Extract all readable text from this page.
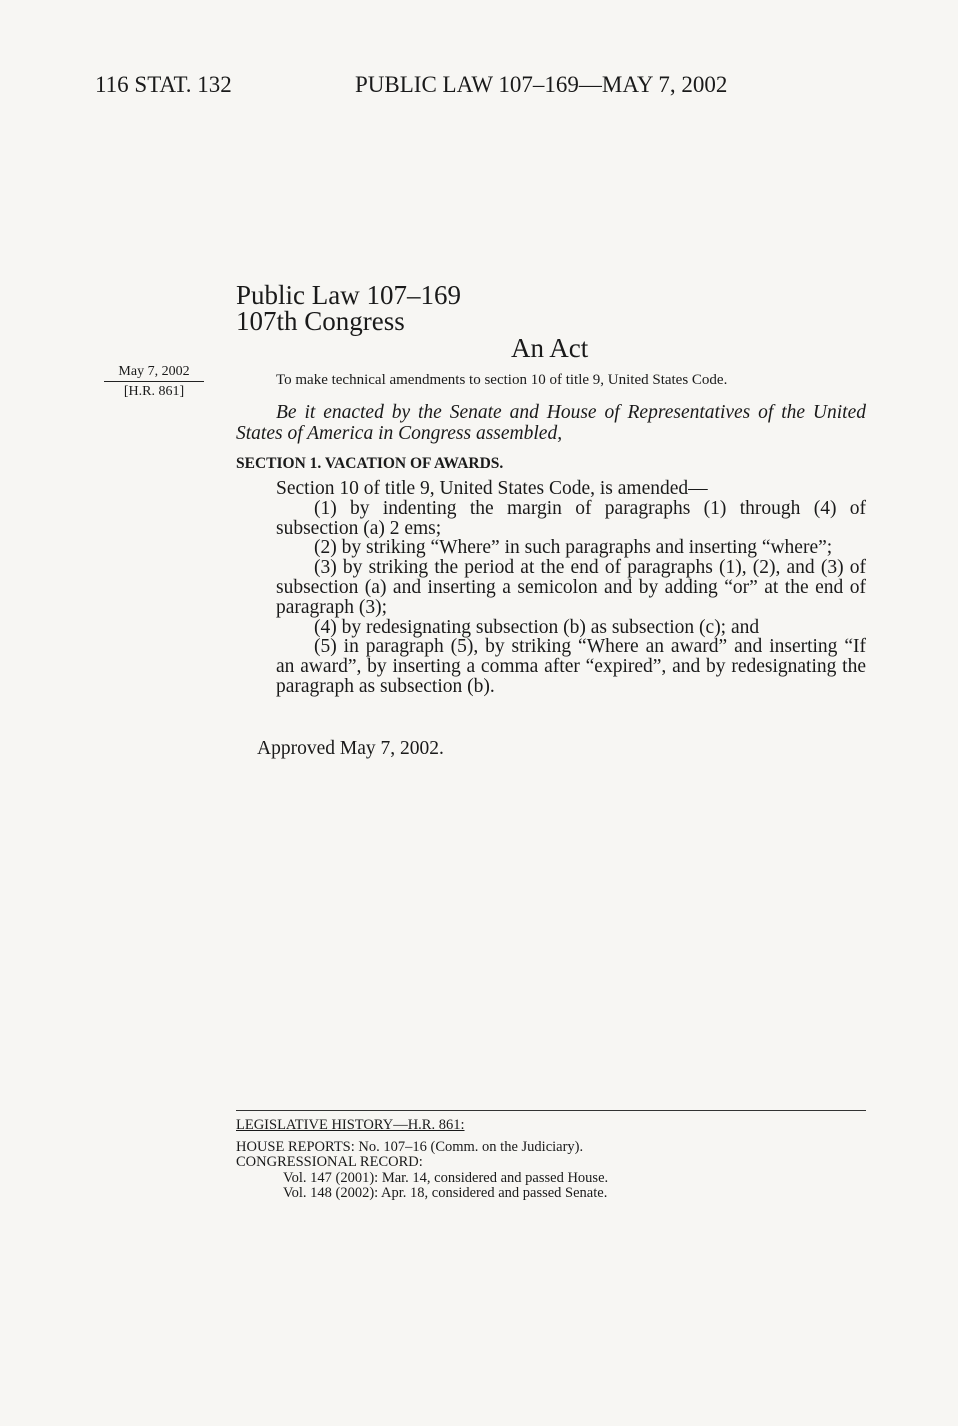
116 STAT. 132	PUBLIC LAW 107–169—MAY 7, 2002
Public Law 107–169
107th Congress
An Act
May 7, 2002
[H.R. 861]
To make technical amendments to section 10 of title 9, United States Code.
Be it enacted by the Senate and House of Representatives of the United States of America in Congress assembled,
SECTION 1. VACATION OF AWARDS.

Section 10 of title 9, United States Code, is amended—

(1) by indenting the margin of paragraphs (1) through (4) of subsection (a) 2 ems;

(2) by striking “Where” in such paragraphs and inserting “where”;

(3) by striking the period at the end of paragraphs (1), (2), and (3) of subsection (a) and inserting a semicolon and by adding “or” at the end of paragraph (3);

(4) by redesignating subsection (b) as subsection (c); and

(5) in paragraph (5), by striking “Where an award” and inserting “If an award”, by inserting a comma after “expired”, and by redesignating the paragraph as subsection (b).

Approved May 7, 2002.
LEGISLATIVE HISTORY—H.R. 861:

HOUSE REPORTS: No. 107–16 (Comm. on the Judiciary).

CONGRESSIONAL RECORD:

Vol. 147 (2001): Mar. 14, considered and passed House.

Vol. 148 (2002): Apr. 18, considered and passed Senate.
